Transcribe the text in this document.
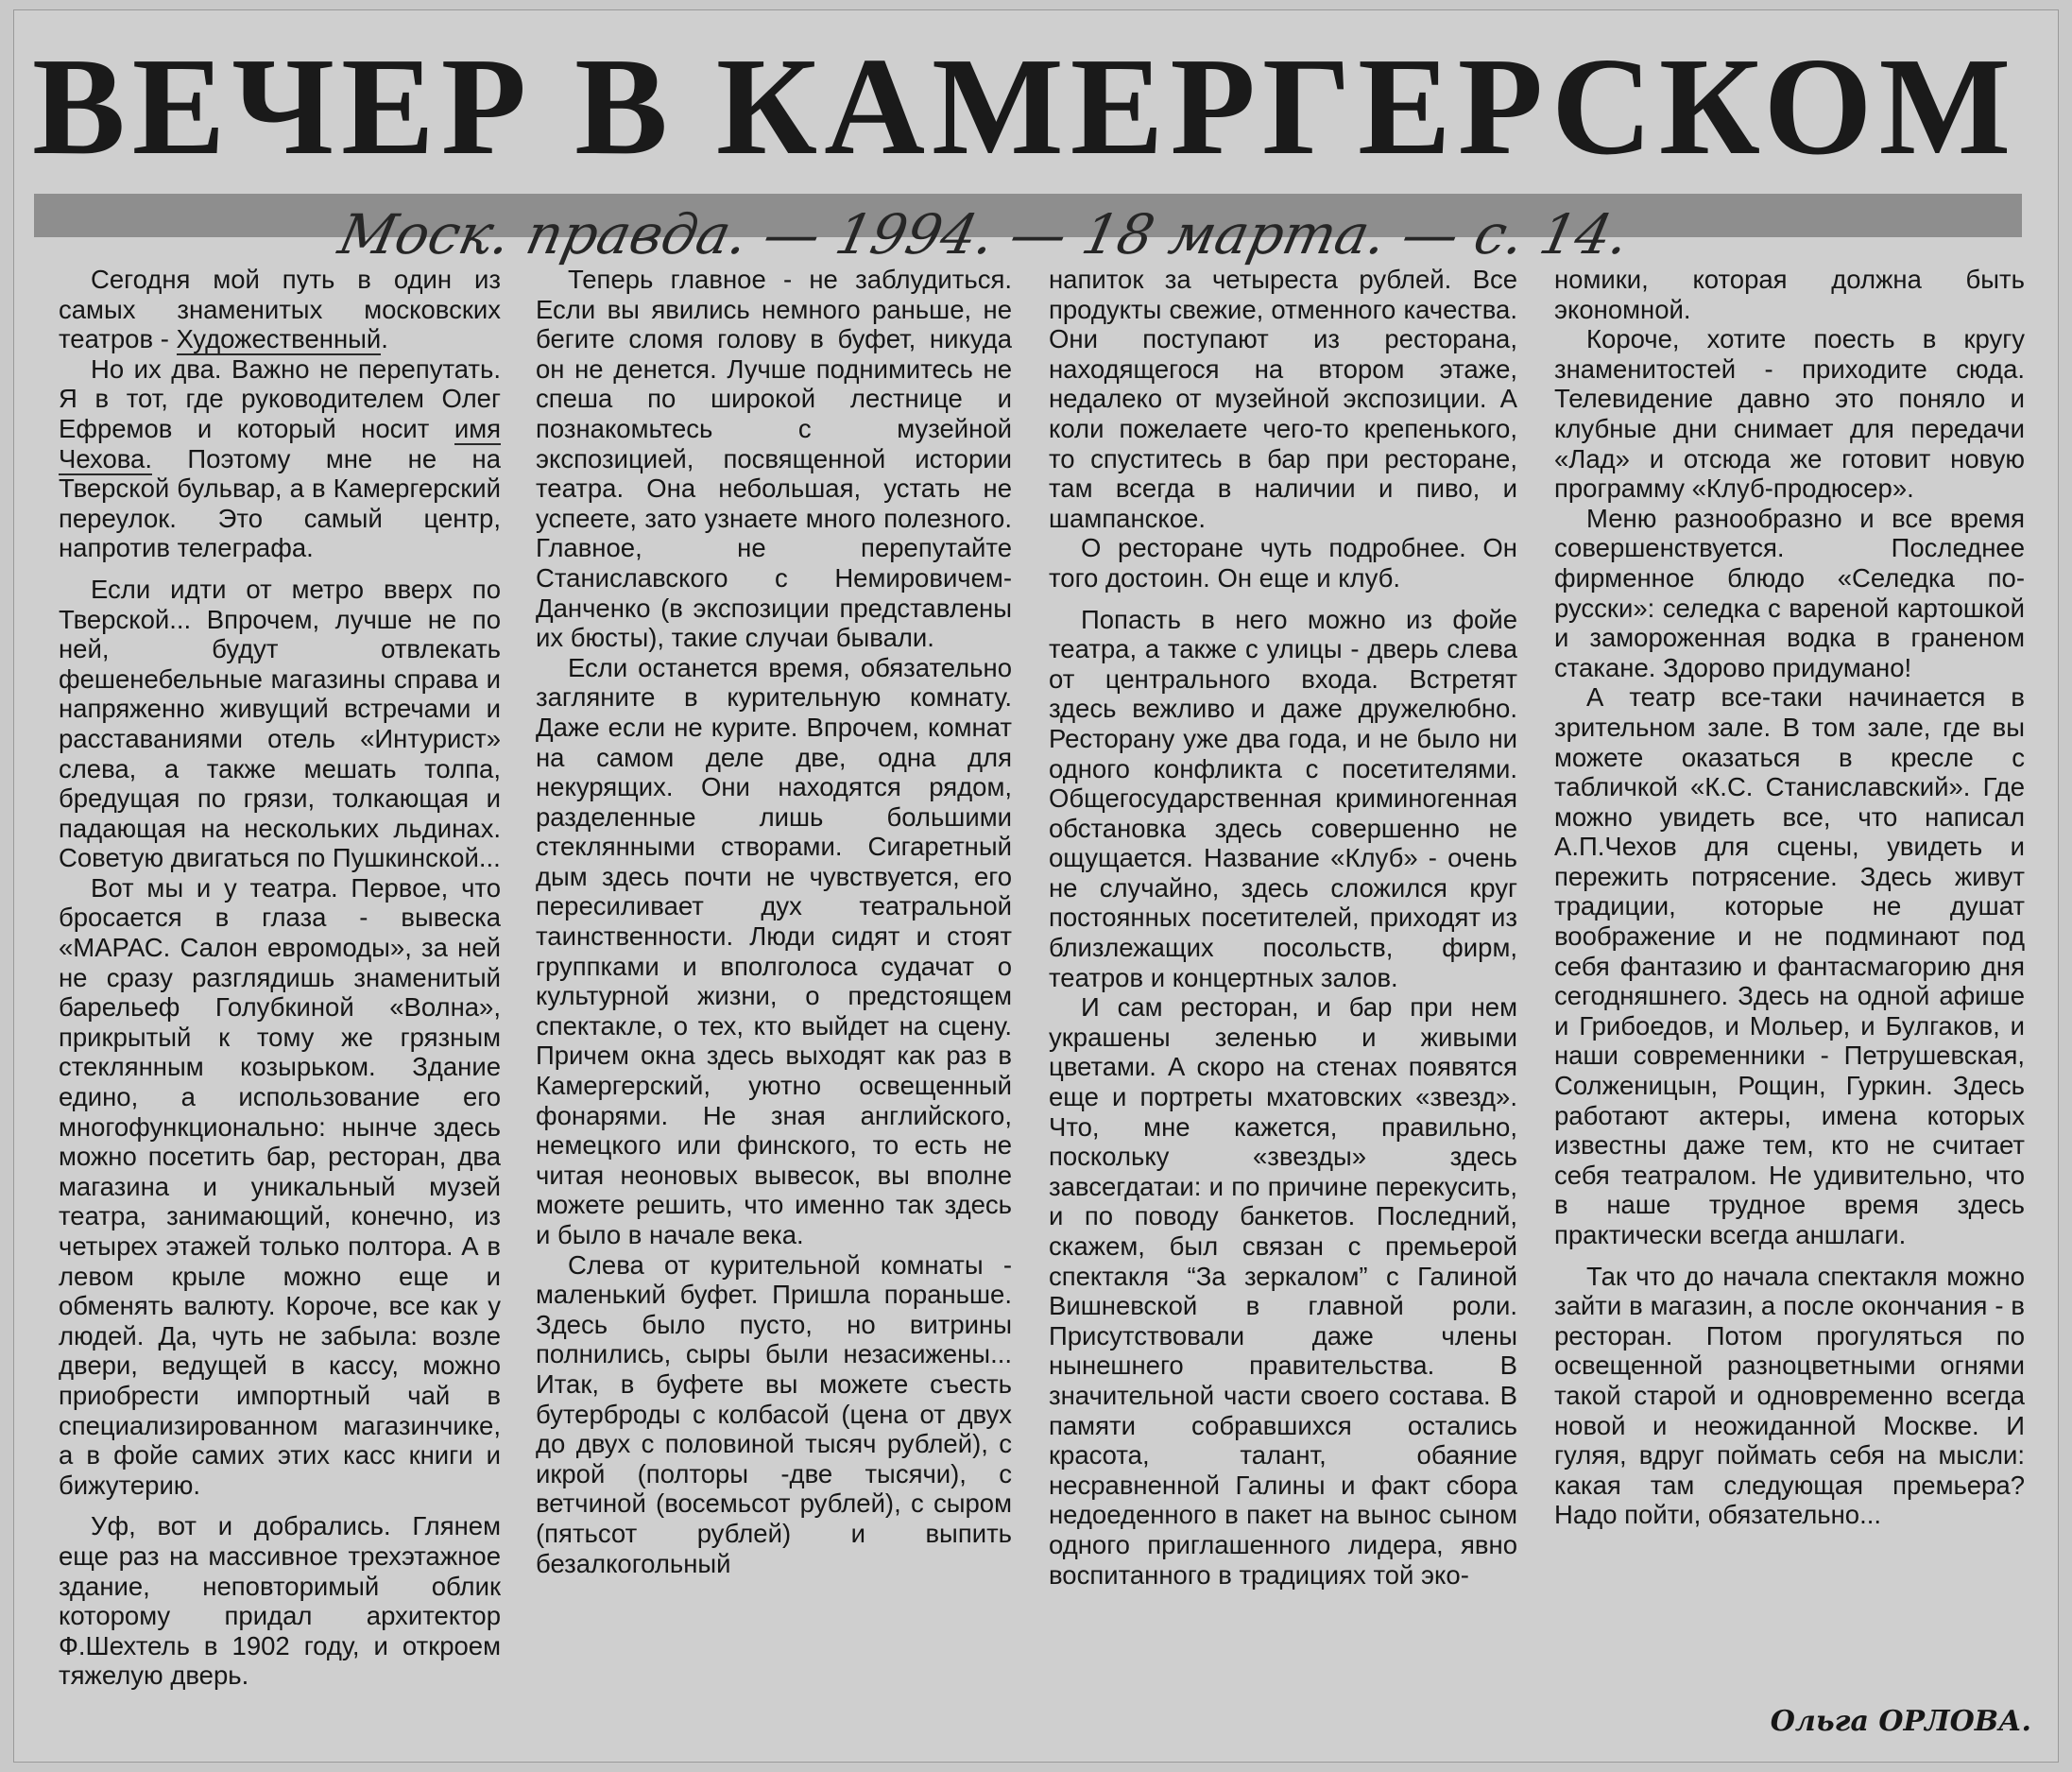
ВЕЧЕР В КАМЕРГЕРСКОМ
Моск. правда. — 1994. — 18 марта. — с. 14.

Сегодня мой путь в один из самых знаменитых московских театров - Художественный.

Но их два. Важно не перепутать. Я в тот, где руководителем Олег Ефремов и который носит имя Чехова. Поэтому мне не на Тверской бульвар, а в Камергерский переулок. Это самый центр, напротив телеграфа.

Если идти от метро вверх по Тверской... Впрочем, лучше не по ней, будут отвлекать фешенебельные магазины справа и напряженно живущий встречами и расставаниями отель «Интурист» слева, а также мешать толпа, бредущая по грязи, толкающая и падающая на нескольких льдинах. Советую двигаться по Пушкинской...

Вот мы и у театра. Первое, что бросается в глаза - вывеска «МАРАС. Салон евромоды», за ней не сразу разглядишь знаменитый барельеф Голубкиной «Волна», прикрытый к тому же грязным стеклянным козырьком. Здание едино, а использование его многофункционально: нынче здесь можно посетить бар, ресторан, два магазина и уникальный музей театра, занимающий, конечно, из четырех этажей только полтора. А в левом крыле можно еще и обменять валюту. Короче, все как у людей. Да, чуть не забыла: возле двери, ведущей в кассу, можно приобрести импортный чай в специализированном магазинчике, а в фойе самих этих касс книги и бижутерию.

Уф, вот и добрались. Глянем еще раз на массивное трехэтажное здание, неповторимый облик которому придал архитектор Ф.Шехтель в 1902 году, и откроем тяжелую дверь.

Теперь главное - не заблудиться. Если вы явились немного раньше, не бегите сломя голову в буфет, никуда он не денется. Лучше поднимитесь не спеша по широкой лестнице и познакомьтесь с музейной экспозицией, посвященной истории театра. Она небольшая, устать не успеете, зато узнаете много полезного. Главное, не перепутайте Станиславского с Немировичем-Данченко (в экспозиции представлены их бюсты), такие случаи бывали.

Если останется время, обязательно загляните в курительную комнату. Даже если не курите. Впрочем, комнат на самом деле две, одна для некурящих. Они находятся рядом, разделенные лишь большими стеклянными створами. Сигаретный дым здесь почти не чувствуется, его пересиливает дух театральной таинственности. Люди сидят и стоят группками и вполголоса судачат о культурной жизни, о предстоящем спектакле, о тех, кто выйдет на сцену. Причем окна здесь выходят как раз в Камергерский, уютно освещенный фонарями. Не зная английского, немецкого или финского, то есть не читая неоновых вывесок, вы вполне можете решить, что именно так здесь и было в начале века.

Слева от курительной комнаты - маленький буфет. Пришла пораньше. Здесь было пусто, но витрины полнились, сыры были незасижены... Итак, в буфете вы можете съесть бутерброды с колбасой (цена от двух до двух с половиной тысяч рублей), с икрой (полторы -две тысячи), с ветчиной (восемьсот рублей), с сыром (пятьсот рублей) и выпить безалкогольный

напиток за четыреста рублей. Все продукты свежие, отменного качества. Они поступают из ресторана, находящегося на втором этаже, недалеко от музейной экспозиции. А коли пожелаете чего-то крепенького, то спуститесь в бар при ресторане, там всегда в наличии и пиво, и шампанское.

О ресторане чуть подробнее. Он того достоин. Он еще и клуб.

Попасть в него можно из фойе театра, а также с улицы - дверь слева от центрального входа. Встретят здесь вежливо и даже дружелюбно. Ресторану уже два года, и не было ни одного конфликта с посетителями. Общегосударственная криминогенная обстановка здесь совершенно не ощущается. Название «Клуб» - очень не случайно, здесь сложился круг постоянных посетителей, приходят из близлежащих посольств, фирм, театров и концертных залов.

И сам ресторан, и бар при нем украшены зеленью и живыми цветами. А скоро на стенах появятся еще и портреты мхатовских «звезд». Что, мне кажется, правильно, поскольку «звезды» здесь завсегдатаи: и по причине перекусить, и по поводу банкетов. Последний, скажем, был связан с премьерой спектакля “За зеркалом” с Галиной Вишневской в главной роли. Присутствовали даже члены нынешнего правительства. В значительной части своего состава. В памяти собравшихся остались красота, талант, обаяние несравненной Галины и факт сбора недоеденного в пакет на вынос сыном одного приглашенного лидера, явно воспитанного в традициях той эко-

номики, которая должна быть экономной.

Короче, хотите поесть в кругу знаменитостей - приходите сюда. Телевидение давно это поняло и клубные дни снимает для передачи «Лад» и отсюда же готовит новую программу «Клуб-продюсер».

Меню разнообразно и все время совершенствуется. Последнее фирменное блюдо «Селедка по-русски»: селедка с вареной картошкой и замороженная водка в граненом стакане. Здорово придумано!

А театр все-таки начинается в зрительном зале. В том зале, где вы можете оказаться в кресле с табличкой «К.С. Станиславский». Где можно увидеть все, что написал А.П.Чехов для сцены, увидеть и пережить потрясение. Здесь живут традиции, которые не душат воображение и не подминают под себя фантазию и фантасмагорию дня сегодняшнего. Здесь на одной афише и Грибоедов, и Мольер, и Булгаков, и наши современники - Петрушевская, Солженицын, Рощин, Гуркин. Здесь работают актеры, имена которых известны даже тем, кто не считает себя театралом. Не удивительно, что в наше трудное время здесь практически всегда аншлаги.

Так что до начала спектакля можно зайти в магазин, а после окончания - в ресторан. Потом прогуляться по освещенной разноцветными огнями такой старой и одновременно всегда новой и неожиданной Москве. И гуляя, вдруг поймать себя на мысли: какая там следующая премьера? Надо пойти, обязательно...

Ольга ОРЛОВА.
